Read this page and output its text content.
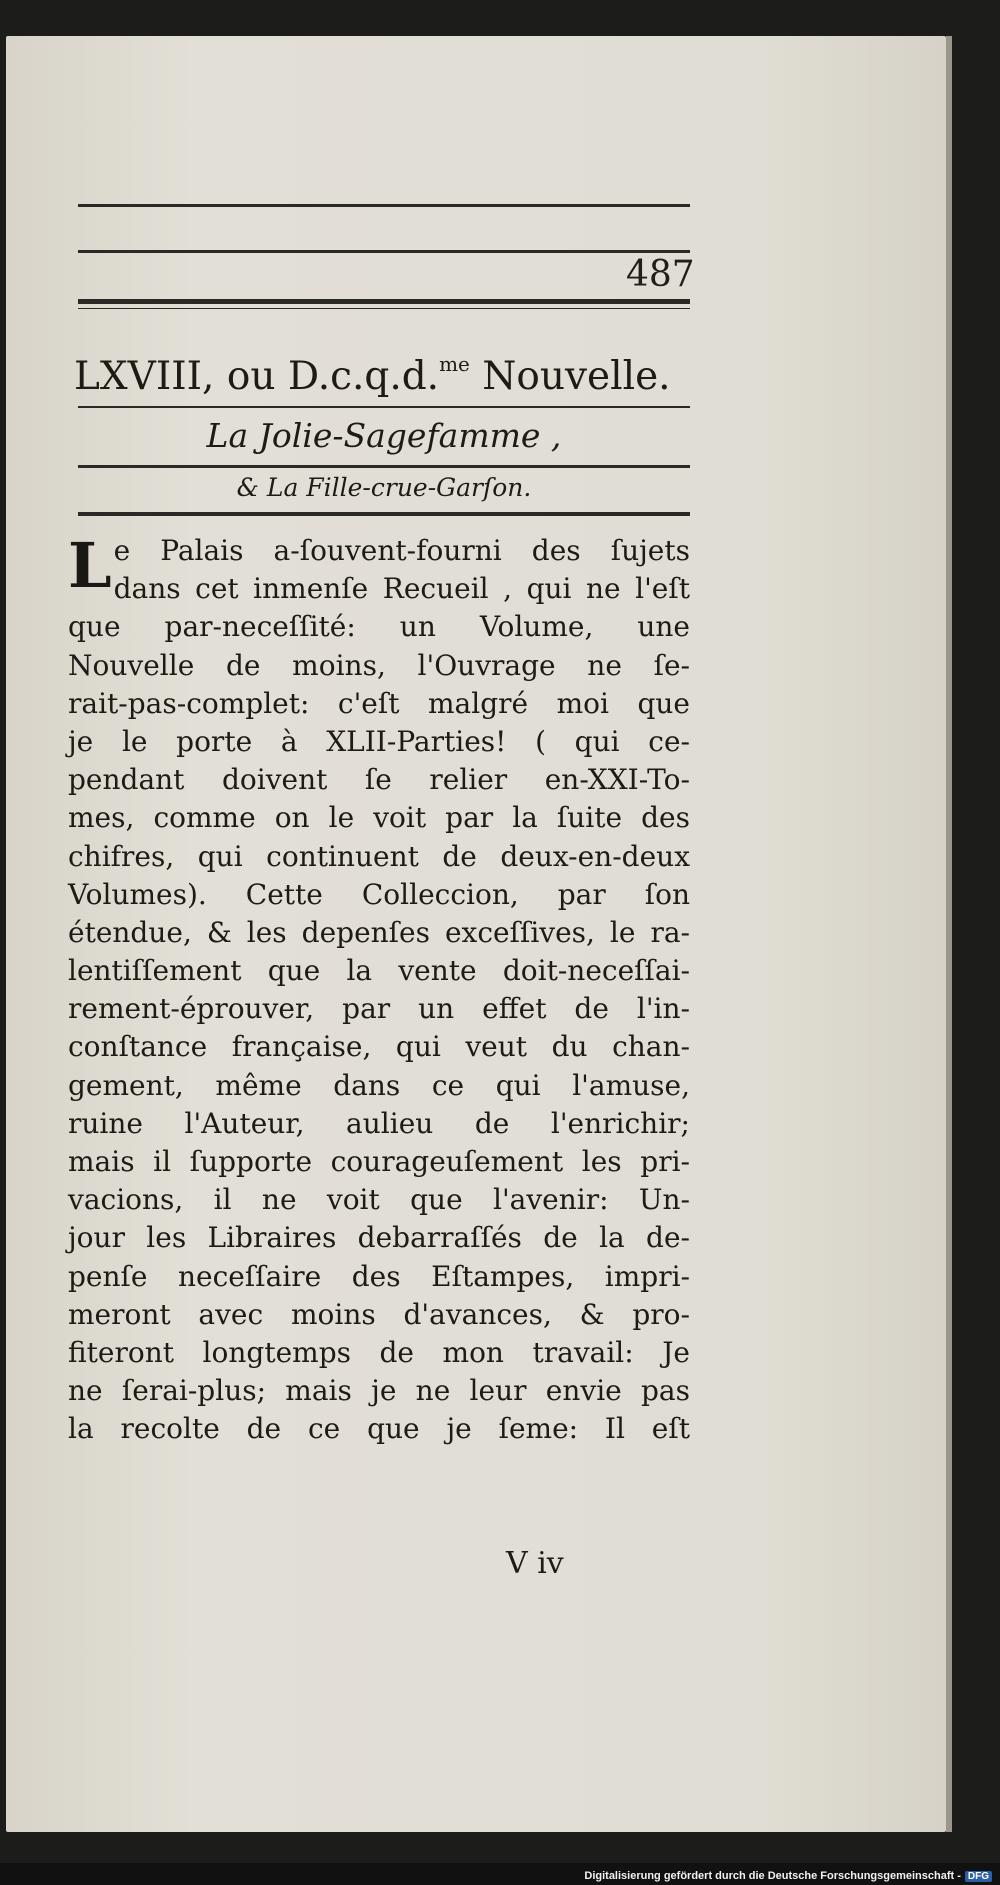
487
LXVIII, ou D.c.q.d.$^{me}$ Nouvelle.
La Jolie-Sagefamme ,
& La Fille-crue-Garſon.
Le Palais a-ſouvent-fourni des ſujets
dans cet inmenſe Recueil , qui ne l'eſt
que par-neceſſité: un Volume, une
Nouvelle de moins, l'Ouvrage ne ſe-
rait-pas-complet: c'eſt malgré moi que
je le porte à XLII-Parties! ( qui ce-
pendant doivent ſe relier en-XXI-To-
mes, comme on le voit par la ſuite des
chifres, qui continuent de deux-en-deux
Volumes). Cette Colleccion, par ſon
étendue, & les depenſes exceſſives, le ra-
lentiſſement que la vente doit-neceſſai-
rement-éprouver, par un effet de l'in-
conſtance française, qui veut du chan-
gement, même dans ce qui l'amuse,
ruine l'Auteur, aulieu de l'enrichir;
mais il ſupporte courageuſement les pri-
vacions, il ne voit que l'avenir: Un-
jour les Libraires debarraſſés de la de-
penſe neceſſaire des Eſtampes, impri-
meront avec moins d'avances, & pro-
fiteront longtemps de mon travail: Je
ne ſerai-plus; mais je ne leur envie pas
la recolte de ce que je ſeme: Il eſt
V iv
Digitalisierung gefördert durch die Deutsche Forschungsgemeinschaft - DFG
